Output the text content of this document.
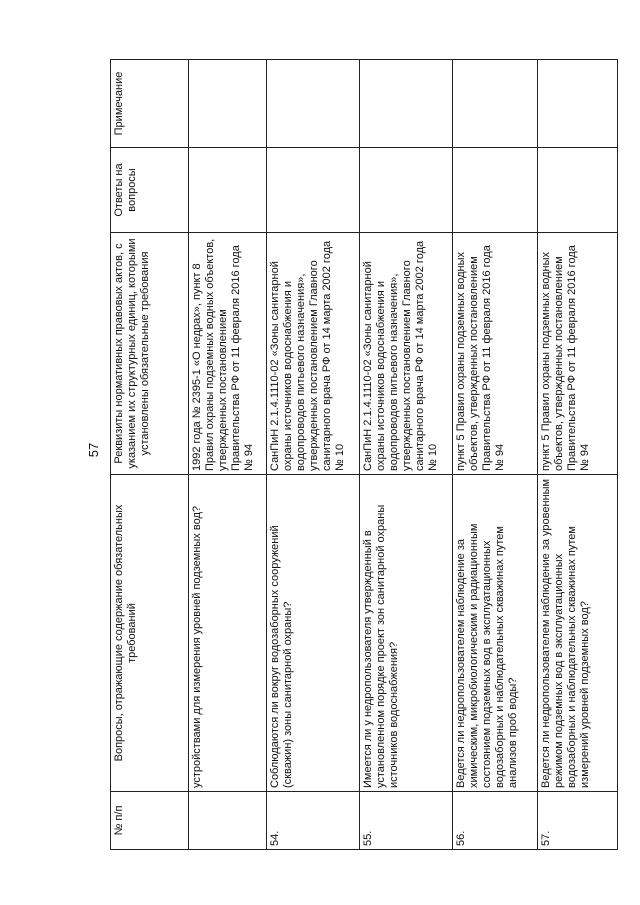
57
№ п/п	Вопросы, отражающие содержание обязательных требований	Реквизиты нормативных правовых актов, с указанием их структурных единиц, которыми установлены обязательные требования	Ответы на вопросы	Примечание
	устройствами для измерения уровней подземных вод?	1992 года № 2395-1 «О недрах», пункт 8 Правил охраны подземных водных объектов, утвержденных постановлением Правительства РФ от 11 февраля 2016 года № 94		
54.	Соблюдаются ли вокруг водозаборных сооружений (скважин) зоны санитарной охраны?	СанПиН 2.1.4.1110-02 «Зоны санитарной охраны источников водоснабжения и водопроводов питьевого назначения», утвержденных постановлением Главного санитарного врача РФ от 14 марта 2002 года № 10		
55.	Имеется ли у недропользователя утвержденный в установленном порядке проект зон санитарной охраны источников водоснабжения?	СанПиН 2.1.4.1110-02 «Зоны санитарной охраны источников водоснабжения и водопроводов питьевого назначения», утвержденных постановлением Главного санитарного врача РФ от 14 марта 2002 года № 10		
56.	Ведется ли недропользователем наблюдение за химическим, микробиологическим и радиационным состоянием подземных вод в эксплуатационных водозаборных и наблюдательных скважинах путем анализов проб воды?	пункт 5 Правил охраны подземных водных объектов, утвержденных постановлением Правительства РФ от 11 февраля 2016 года № 94		
57.	Ведется ли недропользователем наблюдение за уровенным режимом подземных вод в эксплуатационных водозаборных и наблюдательных скважинах путем измерений уровней подземных вод?	пункт 5 Правил охраны подземных водных объектов, утвержденных постановлением Правительства РФ от 11 февраля 2016 года № 94		
